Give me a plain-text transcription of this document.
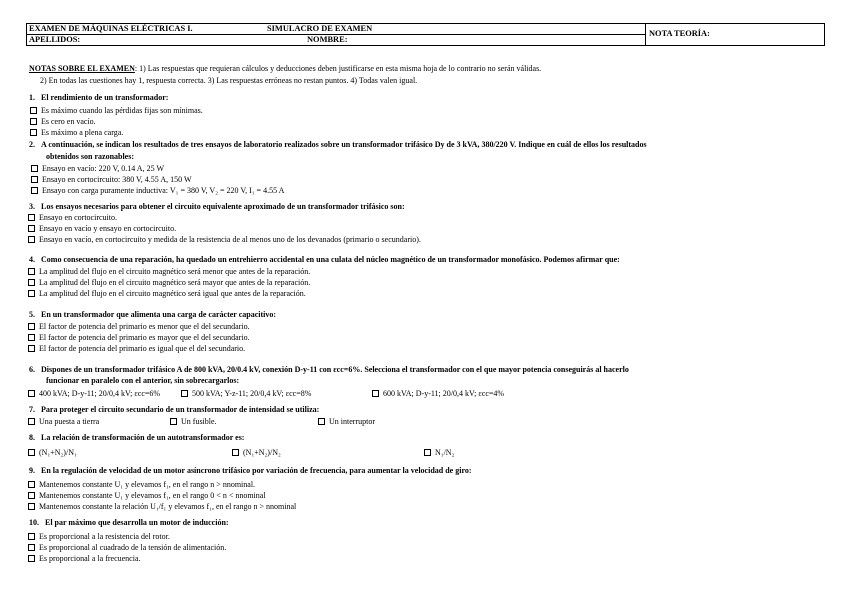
EXAMEN DE MÁQUINAS ELÉCTRICAS I.	SIMULACRO DE EXAMEN
APELLIDOS:	NOMBRE:
NOTA TEORÍA:
NOTAS SOBRE EL EXAMEN: 1) Las respuestas que requieran cálculos y deducciones deben justificarse en esta misma hoja de lo contrario no serán válidas.
2) En todas las cuestiones hay 1, respuesta correcta. 3) Las respuestas erróneas no restan puntos. 4) Todas valen igual.
1. El rendimiento de un transformador:
Es máximo cuando las pérdidas fijas son mínimas.
Es cero en vacío.
Es máximo a plena carga.
2. A continuación, se indican los resultados de tres ensayos de laboratorio realizados sobre un transformador trifásico Dy de 3 kVA, 380/220 V. Indique en cuál de ellos los resultados
obtenidos son razonables:
Ensayo en vacío: 220 V, 0.14 A, 25 W
Ensayo en cortocircuito: 380 V, 4.55 A, 150 W
Ensayo con carga puramente inductiva: V₁ = 380 V, V₂ = 220 V, I₁ = 4.55 A
3. Los ensayos necesarios para obtener el circuito equivalente aproximado de un transformador trifásico son:
Ensayo en cortocircuito.
Ensayo en vacío y ensayo en cortocircuito.
Ensayo en vacío, en cortocircuito y medida de la resistencia de al menos uno de los devanados (primario o secundario).
4. Como consecuencia de una reparación, ha quedado un entrehierro accidental en una culata del núcleo magnético de un transformador monofásico. Podemos afirmar que:
La amplitud del flujo en el circuito magnético será menor que antes de la reparación.
La amplitud del flujo en el circuito magnético será mayor que antes de la reparación.
La amplitud del flujo en el circuito magnético será igual que antes de la reparación.
5. En un transformador que alimenta una carga de carácter capacitivo:
El factor de potencia del primario es menor que el del secundario.
El factor de potencia del primario es mayor que el del secundario.
El factor de potencia del primario es igual que el del secundario.
6. Dispones de un transformador trifásico A de 800 kVA, 20/0.4 kV, conexión D-y-11 con εcc=6%. Selecciona el transformador con el que mayor potencia conseguirás al hacerlo
funcionar en paralelo con el anterior, sin sobrecargarlos:
400 kVA; D-y-11; 20/0,4 kV; εcc=6%	500 kVA; Y-z-11; 20/0,4 kV; εcc=8%	600 kVA; D-y-11; 20/0,4 kV; εcc=4%
7. Para proteger el circuito secundario de un transformador de intensidad se utiliza:
Una puesta a tierra	Un fusible.	Un interruptor
8. La relación de transformación de un autotransformador es:
(N₁+N₂)/N₁	(N₁+N₂)/N₂	N₁/N₂
9. En la regulación de velocidad de un motor asíncrono trifásico por variación de frecuencia, para aumentar la velocidad de giro:
Mantenemos constante U₁ y elevamos f₁, en el rango n > nnominal.
Mantenemos constante U₁ y elevamos f₁, en el rango 0 < n < nnominal
Mantenemos constante la relación U₁/f₁ y elevamos f₁, en el rango n > nnominal
10. El par máximo que desarrolla un motor de inducción:
Es proporcional a la resistencia del rotor.
Es proporcional al cuadrado de la tensión de alimentación.
Es proporcional a la frecuencia.
